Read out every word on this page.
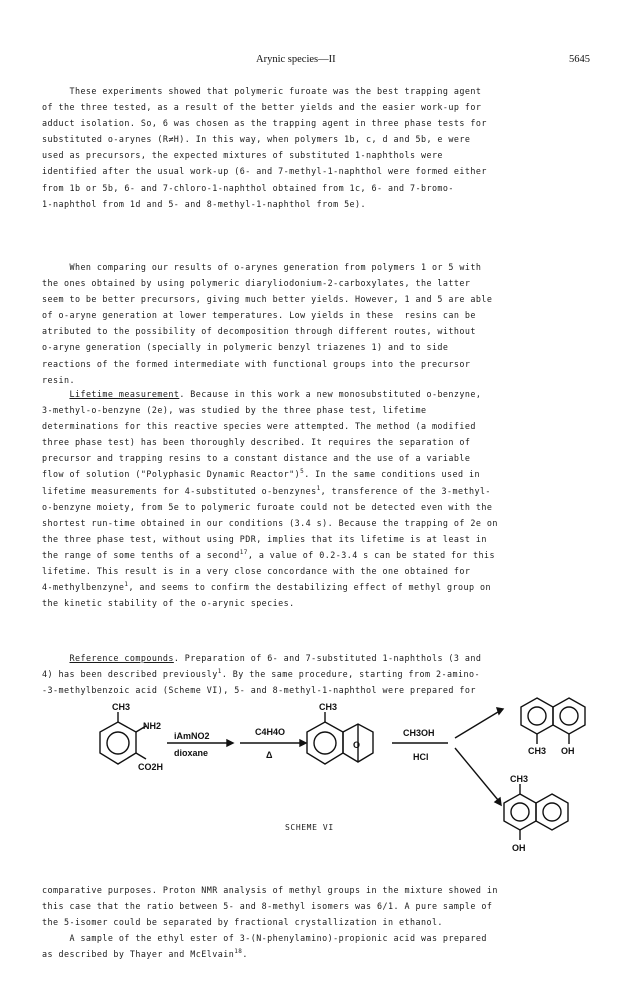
Arynic species—II	5645
These experiments showed that polymeric furoate was the best trapping agent
of the three tested, as a result of the better yields and the easier work-up for
adduct isolation. So, 6 was chosen as the trapping agent in three phase tests for
substituted o-arynes (R≠H). In this way, when polymers 1b, c, d and 5b, e were
used as precursors, the expected mixtures of substituted 1-naphthols were
identified after the usual work-up (6- and 7-methyl-1-naphthol were formed either
from 1b or 5b, 6- and 7-chloro-1-naphthol obtained from 1c, 6- and 7-bromo-
1-naphthol from 1d and 5- and 8-methyl-1-naphthol from 5e).
When comparing our results of o-arynes generation from polymers 1 or 5 with
the ones obtained by using polymeric diaryliodonium-2-carboxylates, the latter
seem to be better precursors, giving much better yields. However, 1 and 5 are able
of o-aryne generation at lower temperatures. Low yields in these  resins can be
atributed to the possibility of decomposition through different routes, without
o-aryne generation (specially in polymeric benzyl triazenes 1) and to side
reactions of the formed intermediate with functional groups into the precursor
resin.
Lifetime measurement. Because in this work a new monosubstituted o-benzyne,
3-methyl-o-benzyne (2e), was studied by the three phase test, lifetime
determinations for this reactive species were attempted. The method (a modified
three phase test) has been thoroughly described. It requires the separation of
precursor and trapping resins to a constant distance and the use of a variable
flow of solution ("Polyphasic Dynamic Reactor")$^5$. In the same conditions used in
lifetime measurements for 4-substituted o-benzynes$^1$, transference of the 3-methyl-
o-benzyne moiety, from 5e to polymeric furoate could not be detected even with the
shortest run-time obtained in our conditions (3.4 s). Because the trapping of 2e on
the three phase test, without using PDR, implies that its lifetime is at least in
the range of some tenths of a second$^{17}$, a value of 0.2-3.4 s can be stated for this
lifetime. This result is in a very close concordance with the one obtained for
4-methylbenzyne$^1$, and seems to confirm the destabilizing effect of methyl group on
the kinetic stability of the o-arynic species.
Reference compounds. Preparation of 6- and 7-substituted 1-naphthols (3 and
4) has been described previously$^1$. By the same procedure, starting from 2-amino-
-3-methylbenzoic acid (Scheme VI), 5- and 8-methyl-1-naphthol were prepared for
CH3
NH2
CO2H
iAmNO2
dioxane
C4H4O
Δ
CH3
O
CH3OH
HCl
CH3 OH
CH3
OH
SCHEME VI
comparative purposes. Proton NMR analysis of methyl groups in the mixture showed in
this case that the ratio between 5- and 8-methyl isomers was 6/1. A pure sample of
the 5-isomer could be separated by fractional crystallization in ethanol.
A sample of the ethyl ester of 3-(N-phenylamino)-propionic acid was prepared
as described by Thayer and McElvain$^{18}$.
